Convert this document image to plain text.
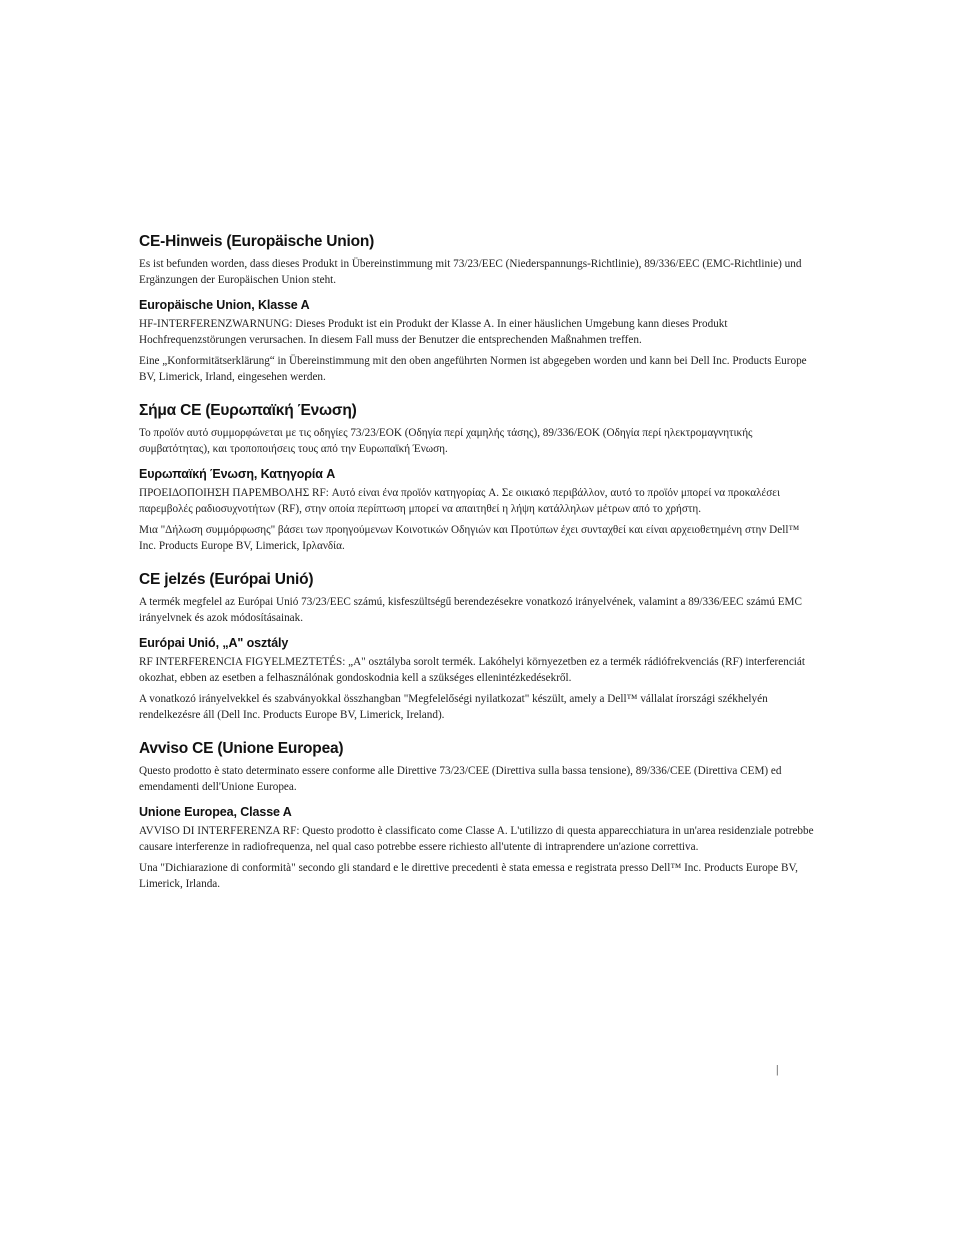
CE-Hinweis (Europäische Union)

Es ist befunden worden, dass dieses Produkt in Übereinstimmung mit 73/23/EEC (Niederspannungs-Richtlinie), 89/336/EEC (EMC-Richtlinie) und Ergänzungen der Europäischen Union steht.

Europäische Union, Klasse A

HF-INTERFERENZWARNUNG: Dieses Produkt ist ein Produkt der Klasse A. In einer häuslichen Umgebung kann dieses Produkt Hochfrequenzstörungen verursachen. In diesem Fall muss der Benutzer die entsprechenden Maßnahmen treffen.

Eine „Konformitätserklärung“ in Übereinstimmung mit den oben angeführten Normen ist abgegeben worden und kann bei Dell Inc. Products Europe BV, Limerick, Irland, eingesehen werden.

Σήμα CE (Ευρωπαϊκή Ένωση)

Το προϊόν αυτό συμμορφώνεται με τις οδηγίες 73/23/ΕΟΚ (Οδηγία περί χαμηλής τάσης), 89/336/ΕΟΚ (Οδηγία περί ηλεκτρομαγνητικής συμβατότητας), και τροποποιήσεις τους από την Ευρωπαϊκή Ένωση.

Ευρωπαϊκή Ένωση, Κατηγορία A

ΠΡΟΕΙΔΟΠΟΙΗΣΗ ΠΑΡΕΜΒΟΛΗΣ RF: Αυτό είναι ένα προϊόν κατηγορίας A. Σε οικιακό περιβάλλον, αυτό το προϊόν μπορεί να προκαλέσει παρεμβολές ραδιοσυχνοτήτων (RF), στην οποία περίπτωση μπορεί να απαιτηθεί η λήψη κατάλληλων μέτρων από το χρήστη.

Μια "Δήλωση συμμόρφωσης" βάσει των προηγούμενων Κοινοτικών Οδηγιών και Προτύπων έχει συνταχθεί και είναι αρχειοθετημένη στην Dell™ Inc. Products Europe BV, Limerick, Ιρλανδία.

CE jelzés (Európai Unió)

A termék megfelel az Európai Unió 73/23/EEC számú, kisfeszültségű berendezésekre vonatkozó irányelvének, valamint a 89/336/EEC számú EMC irányelvnek és azok módosításainak.

Európai Unió, „A" osztály

RF INTERFERENCIA FIGYELMEZTETÉS: „A" osztályba sorolt termék. Lakóhelyi környezetben ez a termék rádiófrekvenciás (RF) interferenciát okozhat, ebben az esetben a felhasználónak gondoskodnia kell a szükséges ellenintézkedésekről.

A vonatkozó irányelvekkel és szabványokkal összhangban "Megfelelőségi nyilatkozat" készült, amely a Dell™ vállalat írországi székhelyén rendelkezésre áll (Dell Inc. Products Europe BV, Limerick, Ireland).

Avviso CE (Unione Europea)

Questo prodotto è stato determinato essere conforme alle Direttive 73/23/CEE (Direttiva sulla bassa tensione), 89/336/CEE (Direttiva CEM) ed emendamenti dell'Unione Europea.

Unione Europea, Classe A

AVVISO DI INTERFERENZA RF: Questo prodotto è classificato come Classe A. L'utilizzo di questa apparecchiatura in un'area residenziale potrebbe causare interferenze in radiofrequenza, nel qual caso potrebbe essere richiesto all'utente di intraprendere un'azione correttiva.

Una "Dichiarazione di conformità" secondo gli standard e le direttive precedenti è stata emessa e registrata presso Dell™ Inc. Products Europe BV, Limerick, Irlanda.

|
